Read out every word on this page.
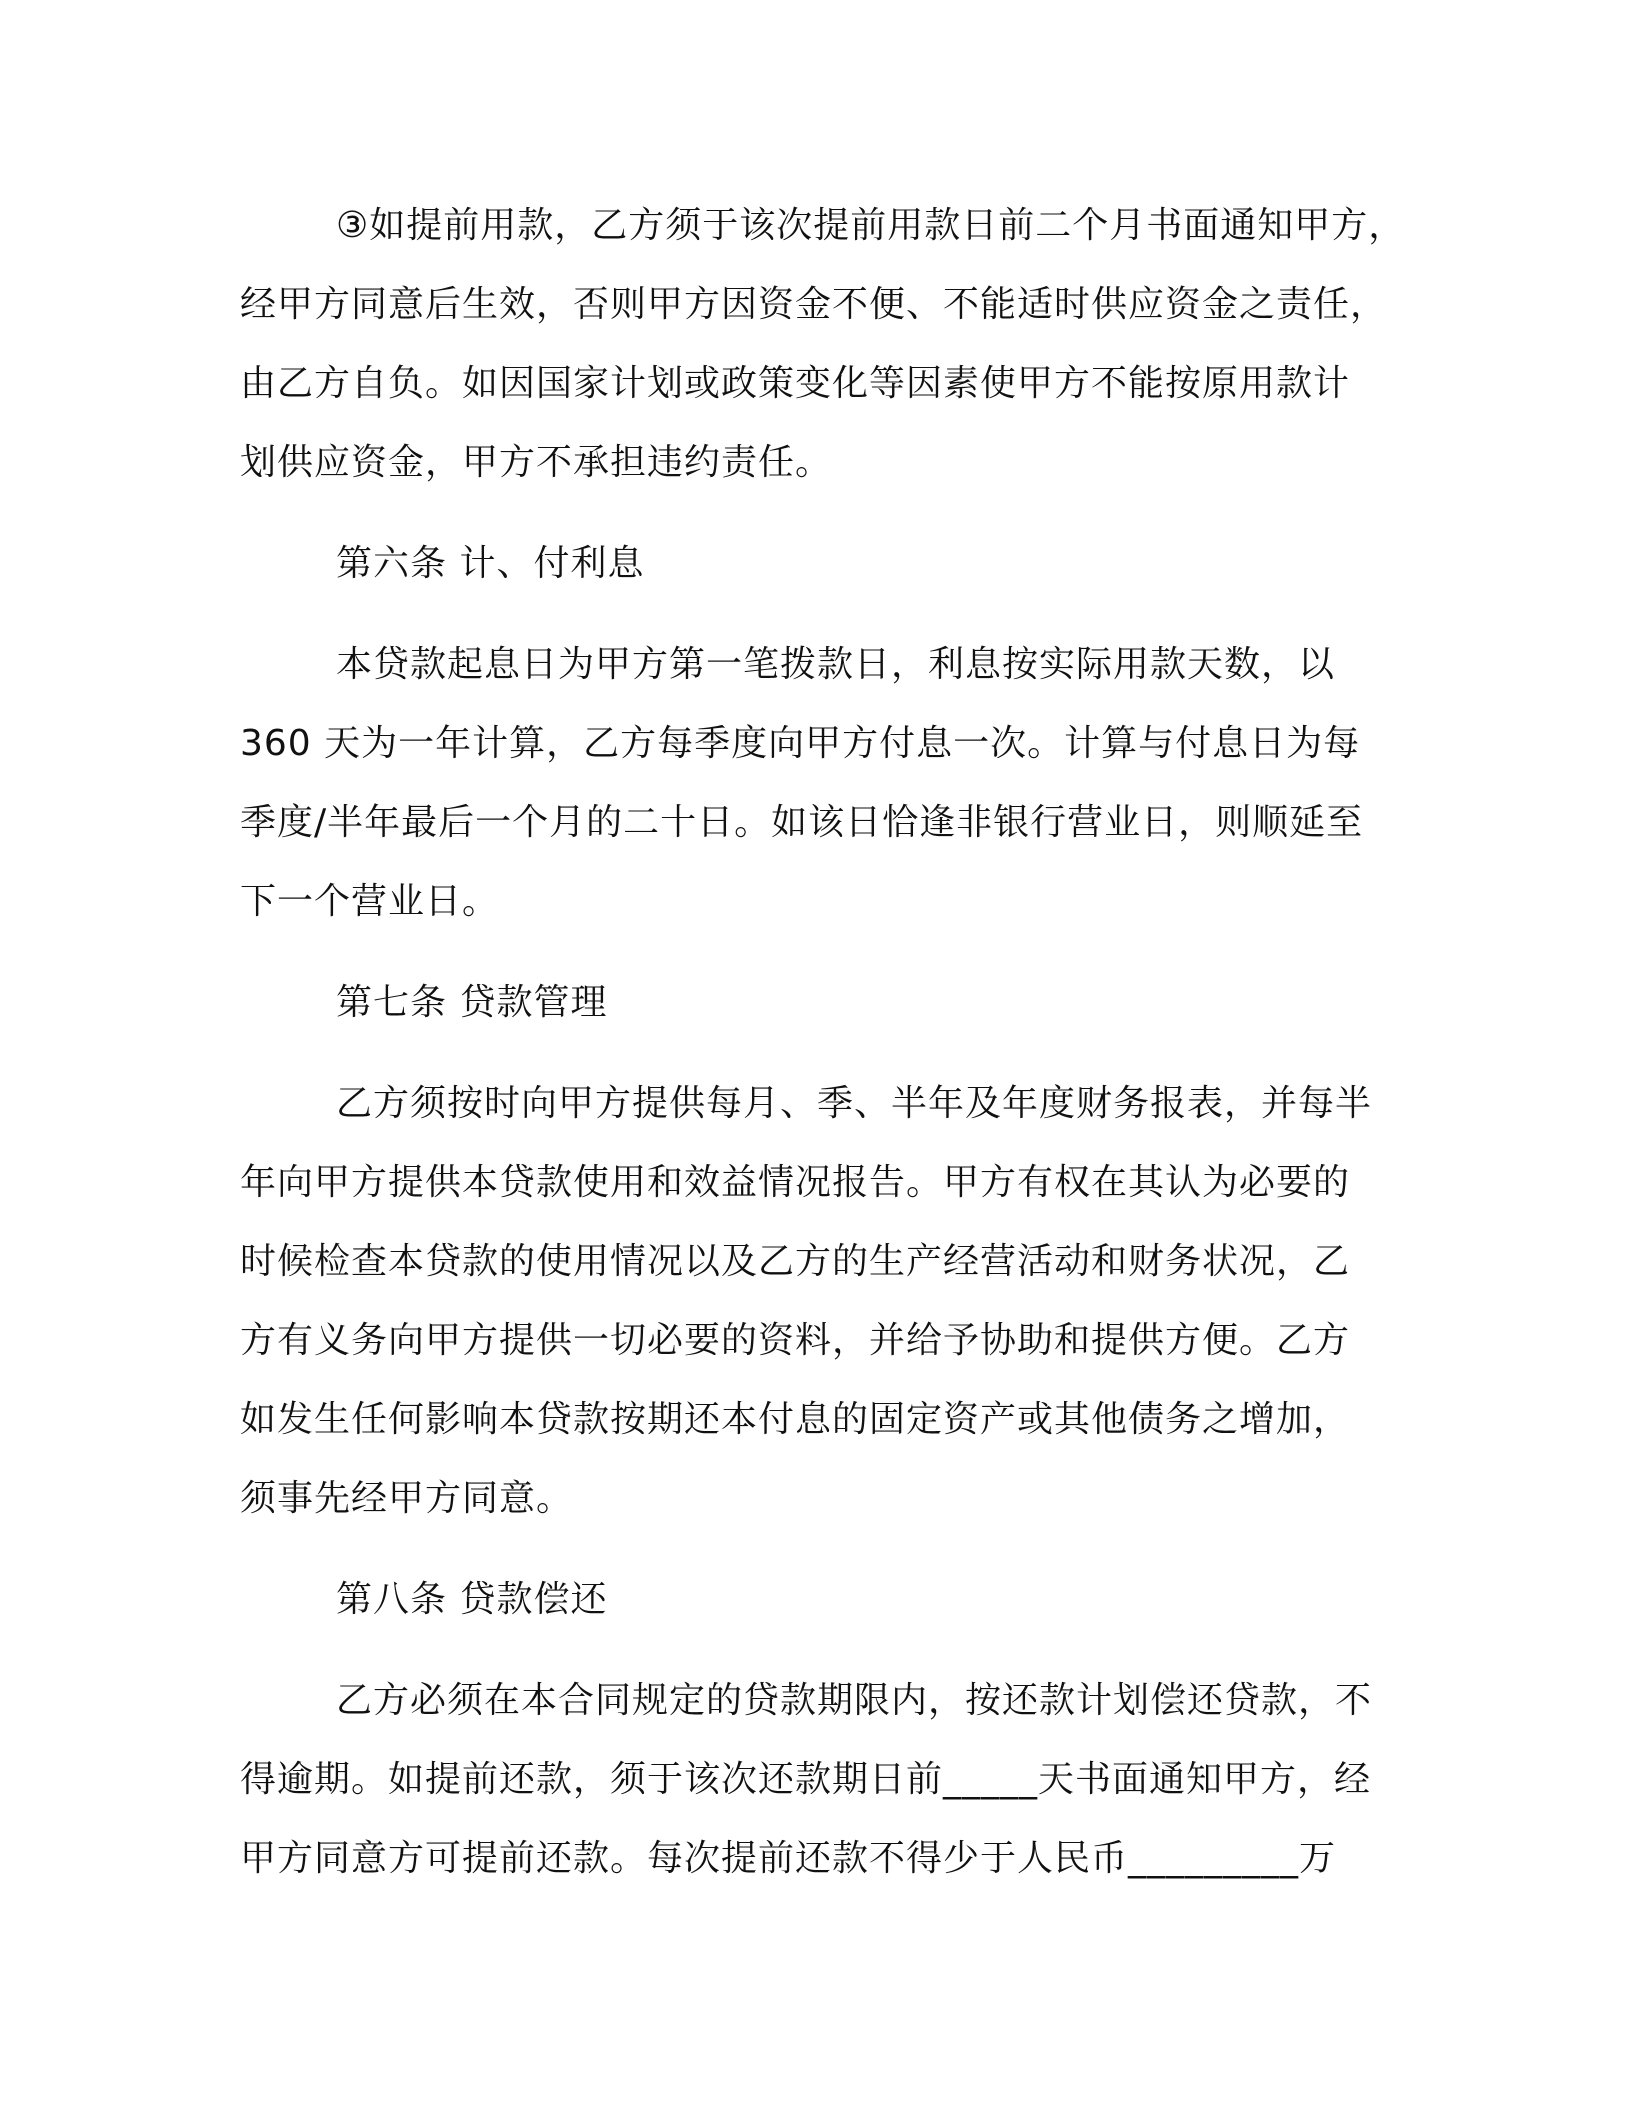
③如提前用款，乙方须于该次提前用款日前二个月书面通知甲方，
经甲方同意后生效，否则甲方因资金不便、不能适时供应资金之责任，
由乙方自负。如因国家计划或政策变化等因素使甲方不能按原用款计
划供应资金，甲方不承担违约责任。
第六条 计、付利息
本贷款起息日为甲方第一笔拨款日，利息按实际用款天数，以
360 天为一年计算，乙方每季度向甲方付息一次。计算与付息日为每
季度/半年最后一个月的二十日。如该日恰逢非银行营业日，则顺延至
下一个营业日。
第七条 贷款管理
乙方须按时向甲方提供每月、季、半年及年度财务报表，并每半
年向甲方提供本贷款使用和效益情况报告。甲方有权在其认为必要的
时候检查本贷款的使用情况以及乙方的生产经营活动和财务状况，乙
方有义务向甲方提供一切必要的资料，并给予协助和提供方便。乙方
如发生任何影响本贷款按期还本付息的固定资产或其他债务之增加，
须事先经甲方同意。
第八条 贷款偿还
乙方必须在本合同规定的贷款期限内，按还款计划偿还贷款，不
得逾期。如提前还款，须于该次还款期日前_____天书面通知甲方，经
甲方同意方可提前还款。每次提前还款不得少于人民币_________万
